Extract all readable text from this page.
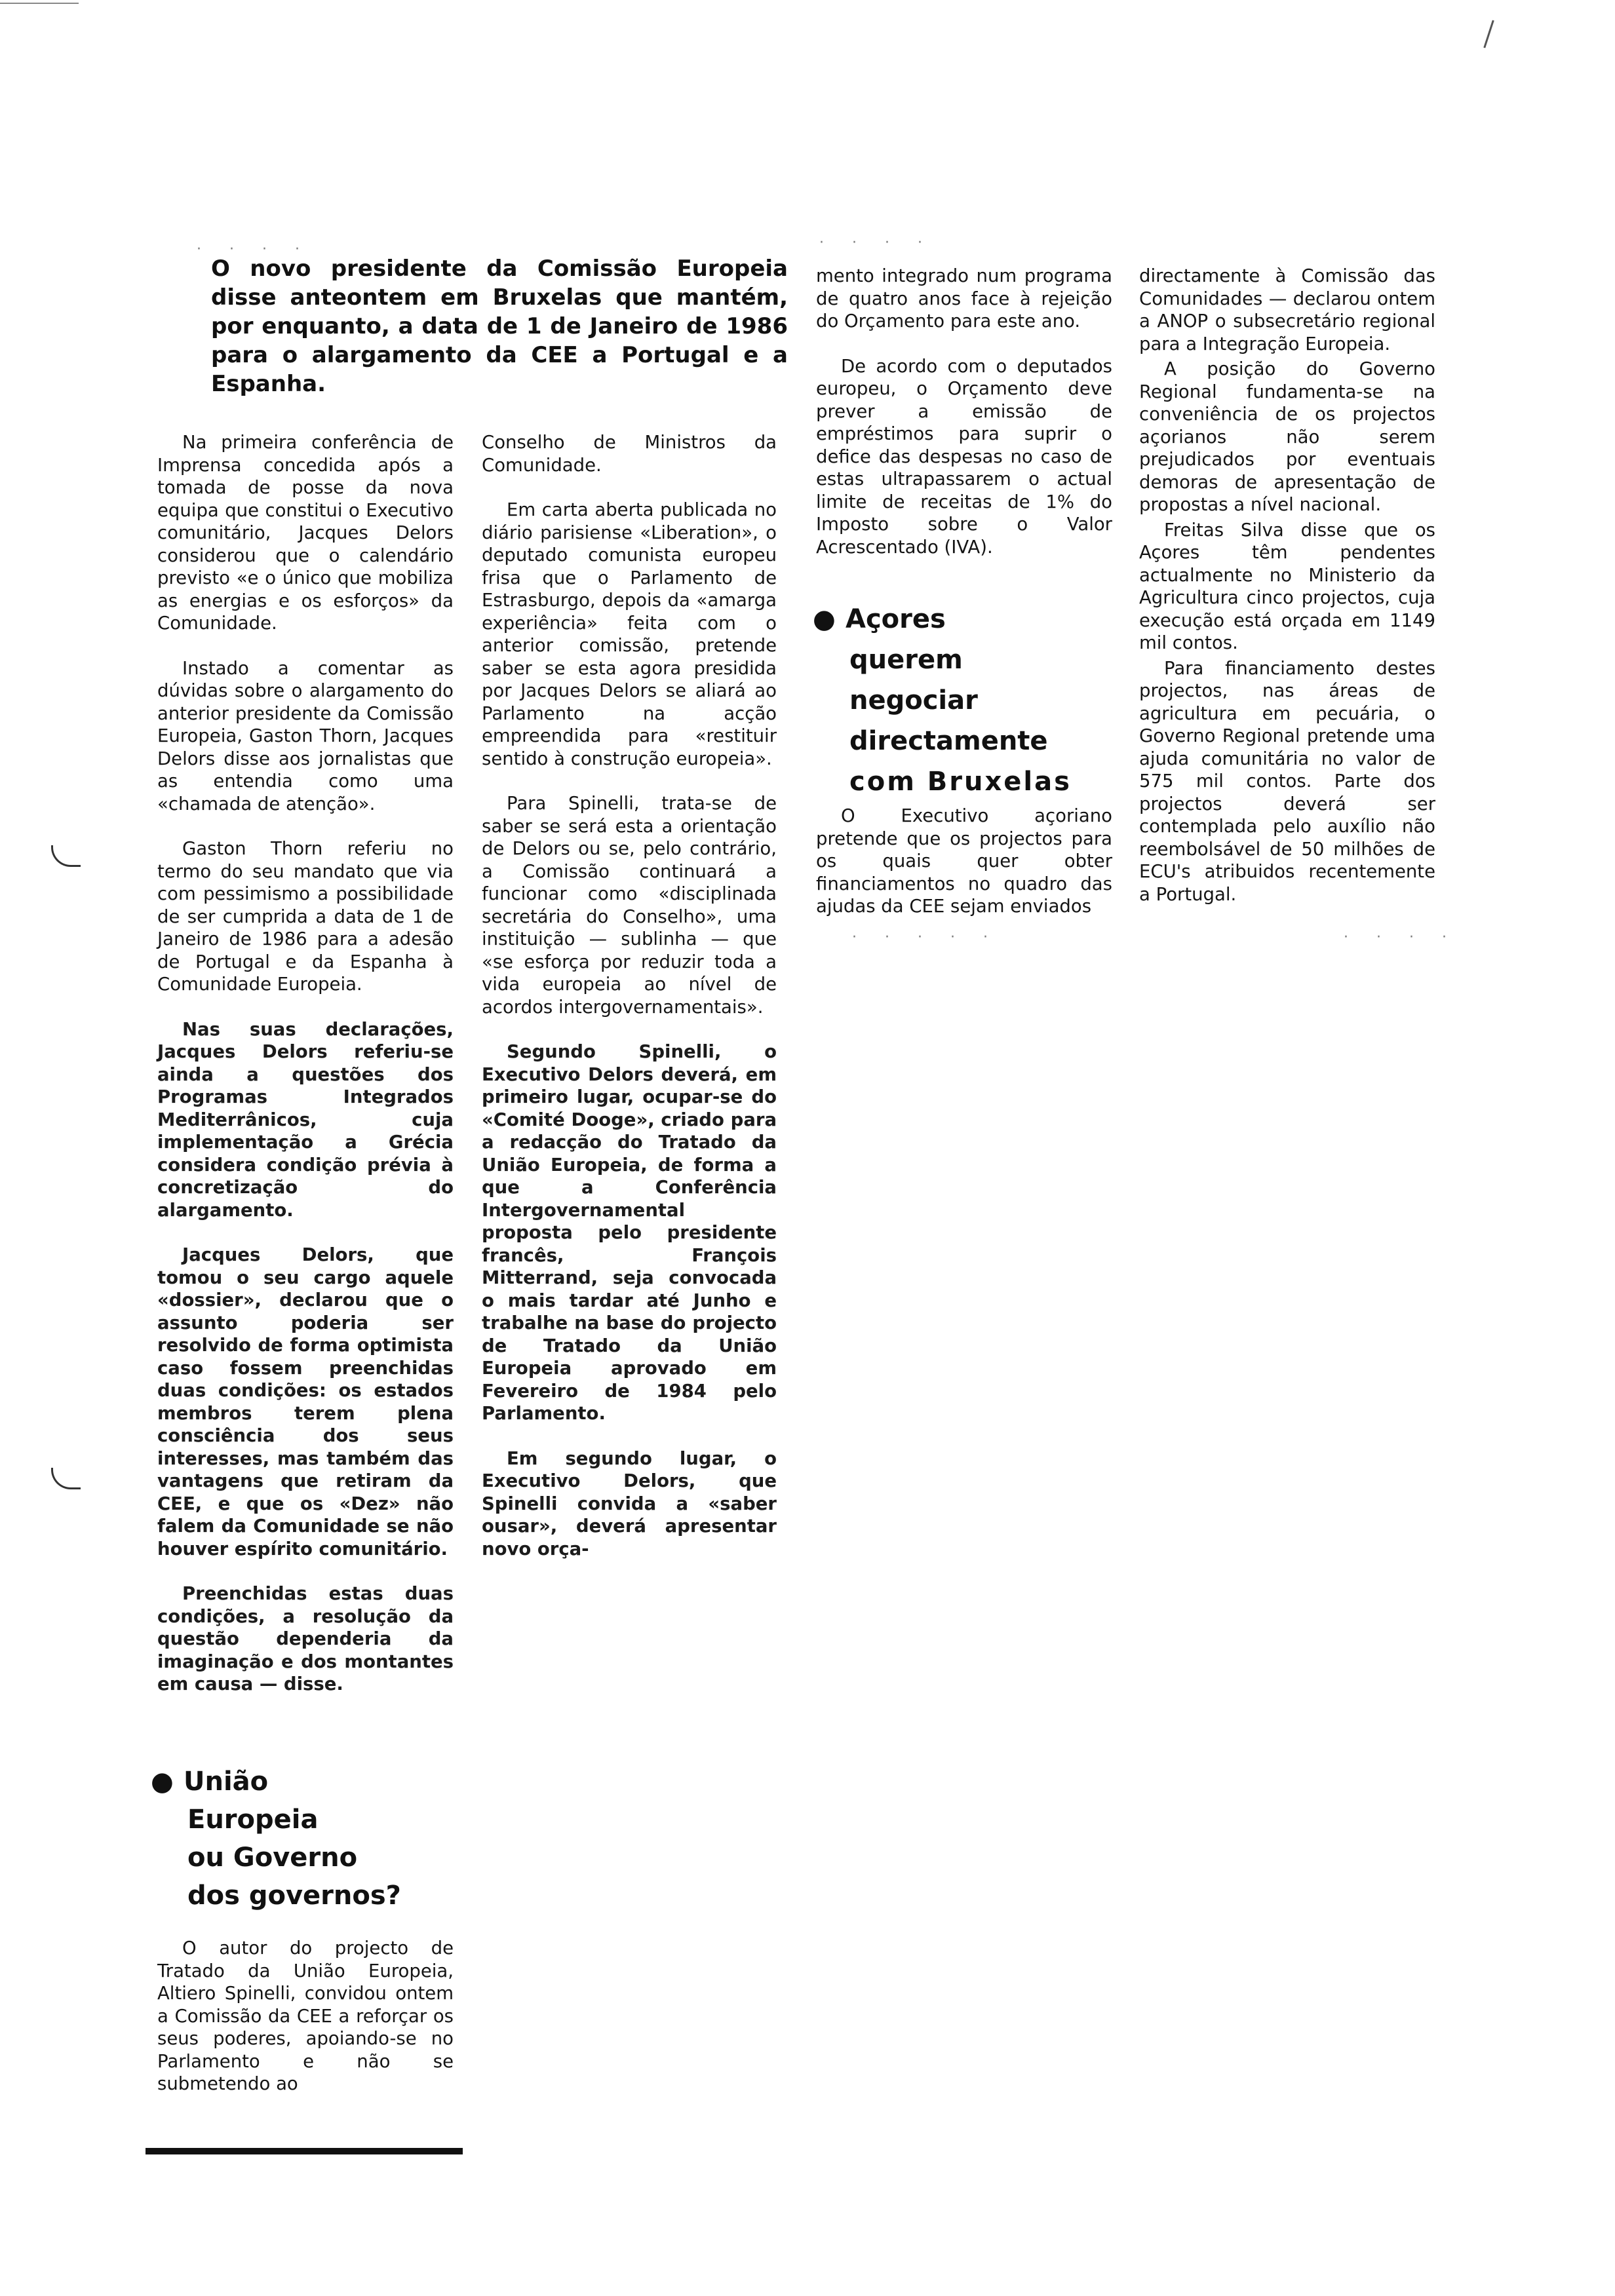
· · · ·	· · · ·

O novo presidente da Comissão Europeia disse anteontem em Bruxelas que mantém, por enquanto, a data de 1 de Janeiro de 1986 para o alargamento da CEE a Portugal e a Espanha.

Na primeira conferência de Imprensa concedida após a tomada de posse da nova equipa que constitui o Executivo comunitário, Jacques Delors considerou que o calendário previsto «e o único que mobiliza as energias e os esforços» da Comunidade.

Instado a comentar as dúvidas sobre o alargamento do anterior presidente da Comissão Europeia, Gaston Thorn, Jacques Delors disse aos jornalistas que as entendia como uma «chamada de atenção».

Gaston Thorn referiu no termo do seu mandato que via com pessimismo a possibilidade de ser cumprida a data de 1 de Janeiro de 1986 para a adesão de Portugal e da Espanha à Comunidade Europeia.

Nas suas declarações, Jacques Delors referiu-se ainda a questões dos Programas Integrados Mediterrânicos, cuja implementação a Grécia considera condição prévia à concretização do alargamento.

Jacques Delors, que tomou o seu cargo aquele «dossier», declarou que o assunto poderia ser resolvido de forma optimista caso fossem preenchidas duas condições: os estados membros terem plena consciência dos seus interesses, mas também das vantagens que retiram da CEE, e que os «Dez» não falem da Comunidade se não houver espírito comunitário.

Preenchidas estas duas condições, a resolução da questão dependeria da imaginação e dos montantes em causa — disse.

● União
Europeia
ou Governo
dos governos?

O autor do projecto de Tratado da União Europeia, Altiero Spinelli, convidou ontem a Comissão da CEE a reforçar os seus poderes, apoiando-se no Parlamento e não se submetendo ao

Conselho de Ministros da Comunidade.

Em carta aberta publicada no diário parisiense «Liberation», o deputado comunista europeu frisa que o Parlamento de Estrasburgo, depois da «amarga experiência» feita com o anterior comissão, pretende saber se esta agora presidida por Jacques Delors se aliará ao Parlamento na acção empreendida para «restituir sentido à construção europeia».

Para Spinelli, trata-se de saber se será esta a orientação de Delors ou se, pelo contrário, a Comissão continuará a funcionar como «disciplinada secretária do Conselho», uma instituição — sublinha — que «se esforça por reduzir toda a vida europeia ao nível de acordos intergovernamentais».

Segundo Spinelli, o Executivo Delors deverá, em primeiro lugar, ocupar-se do «Comité Dooge», criado para a redacção do Tratado da União Europeia, de forma a que a Conferência Intergovernamental proposta pelo presidente francês, François Mitterrand, seja convocada o mais tardar até Junho e trabalhe na base do projecto de Tratado da União Europeia aprovado em Fevereiro de 1984 pelo Parlamento.

Em segundo lugar, o Executivo Delors, que Spinelli convida a «saber ousar», deverá apresentar novo orça-

mento integrado num programa de quatro anos face à rejeição do Orçamento para este ano.

De acordo com o deputados europeu, o Orçamento deve prever a emissão de empréstimos para suprir o defice das despesas no caso de estas ultrapassarem o actual limite de receitas de 1% do Imposto sobre o Valor Acrescentado (IVA).

● Açores
querem
negociar
directamente
com Bruxelas

O Executivo açoriano pretende que os projectos para os quais quer obter financiamentos no quadro das ajudas da CEE sejam enviados

directamente à Comissão das Comunidades — declarou ontem a ANOP o subsecretário regional para a Integração Europeia.

A posição do Governo Regional fundamenta-se na conveniência de os projectos açorianos não serem prejudicados por eventuais demoras de apresentação de propostas a nível nacional.

Freitas Silva disse que os Açores têm pendentes actualmente no Ministerio da Agricultura cinco projectos, cuja execução está orçada em 1149 mil contos.

Para financiamento destes projectos, nas áreas de agricultura em pecuária, o Governo Regional pretende uma ajuda comunitária no valor de 575 mil contos. Parte dos projectos deverá ser contemplada pelo auxílio não reembolsável de 50 milhões de ECU's atribuidos recentemente a Portugal.

· · · · ·	· · · ·
